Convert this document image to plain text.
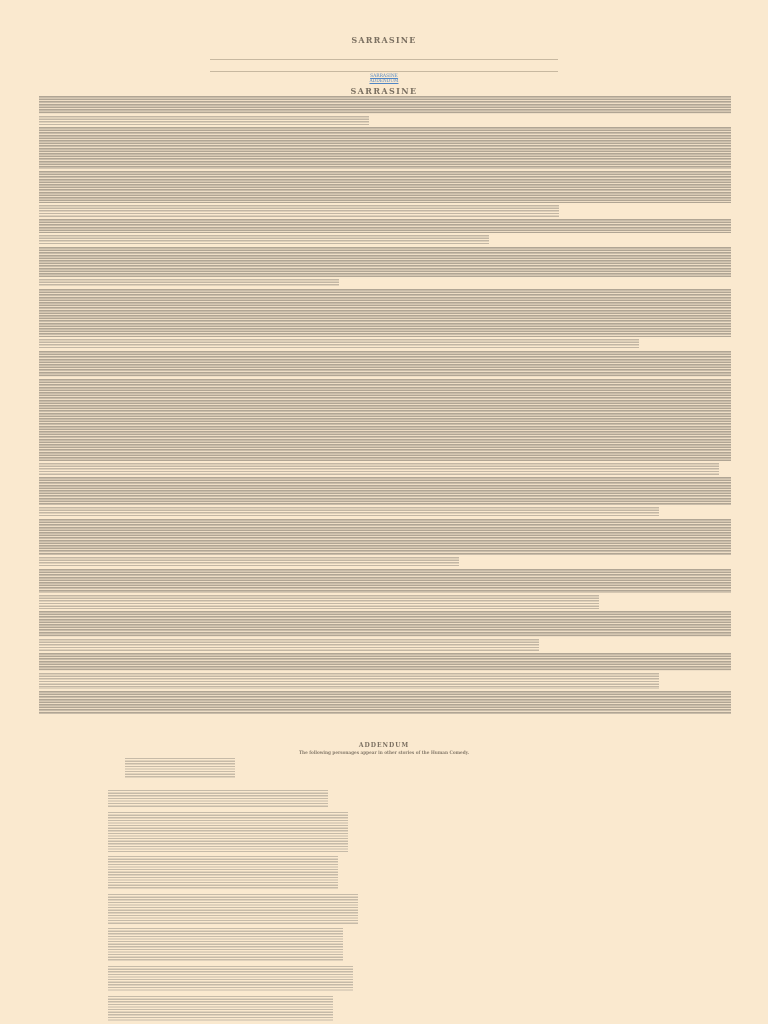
SARRASINE
SARRASINE
ADDENDUM
SARRASINE
ADDENDUM
The following personages appear in other stories of the Human Comedy.
